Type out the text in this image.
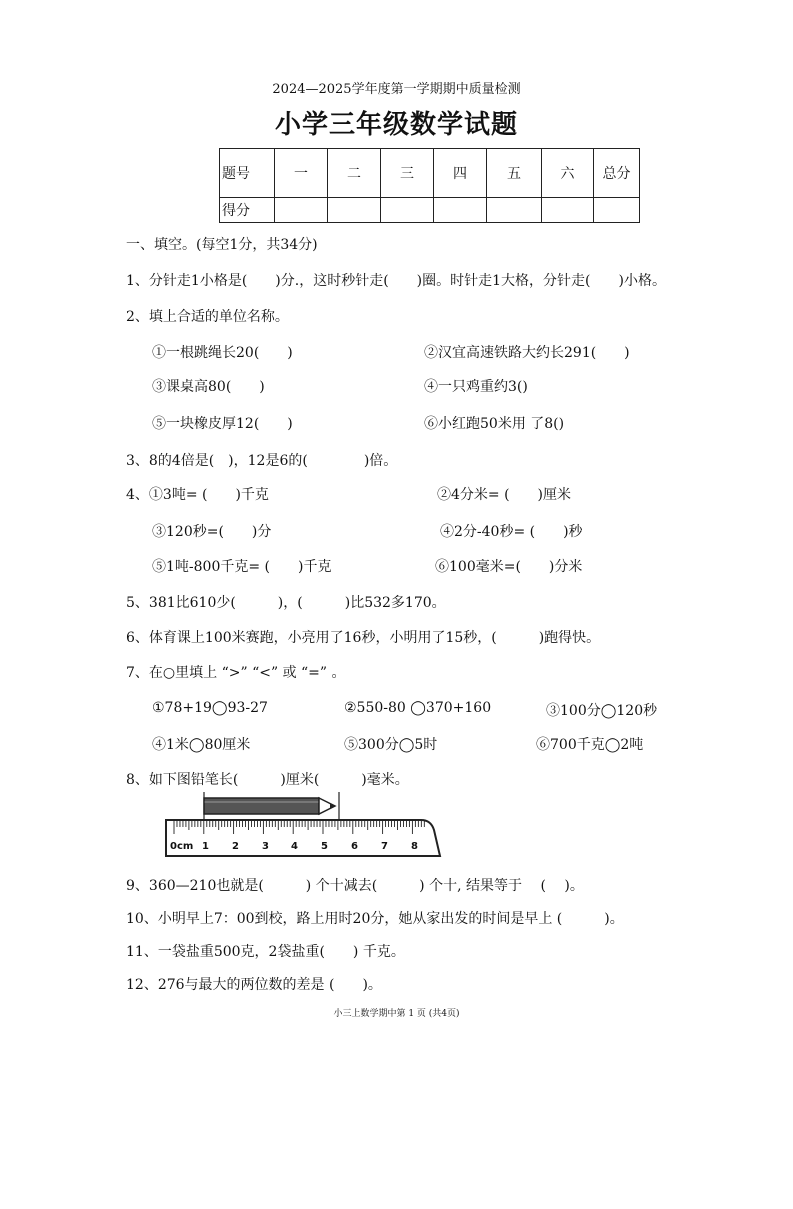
2024—2025学年度第一学期期中质量检测
小学三年级数学试题
题号	一	二	三	四	五	六	总分
得分							
一、填空。(每空1分，共34分)
1、分针走1小格是(　　)分.，这时秒针走(　　)圈。时针走1大格，分针走(　　)小格。
2、填上合适的单位名称。
①一根跳绳长20(　　)	②汉宜高速铁路大约长291(　　)
③课桌高80(　　)	④一只鸡重约3()
⑤一块橡皮厚12(　　)	⑥小红跑50米用 了8()
3、8的4倍是(　)，12是6的(　　　　)倍。
4、①3吨= (　　)千克	②4分米= (　　)厘米
③120秒=(　　)分	④2分-40秒= (　　)秒
⑤1吨-800千克= (　　)千克	⑥100毫米=(　　)分米
5、381比610少(　　　)，(　　　)比532多170。
6、体育课上100米赛跑，小亮用了16秒，小明用了15秒，(　　　)跑得快。
7、在○里填上 “>” “<” 或 “=” 。
①78+19◯93-27	②550-80 ◯370+160	③100分◯120秒
④1米◯80厘米	⑤300分◯5时	⑥700千克◯2吨
8、如下图铅笔长(　　　)厘米(　　　)毫米。
0cm 1 2 3 4 5 6 7 8
9、360—210也就是(　　　) 个十减去(　　　) 个十, 结果等于　 (　 )。
10、小明早上7：00到校，路上用时20分，她从家出发的时间是早上 (　　　)。
11、一袋盐重500克，2袋盐重(　　) 千克。
12、276与最大的两位数的差是 (　　)。
小三上数学期中第 1 页 (共4页)
